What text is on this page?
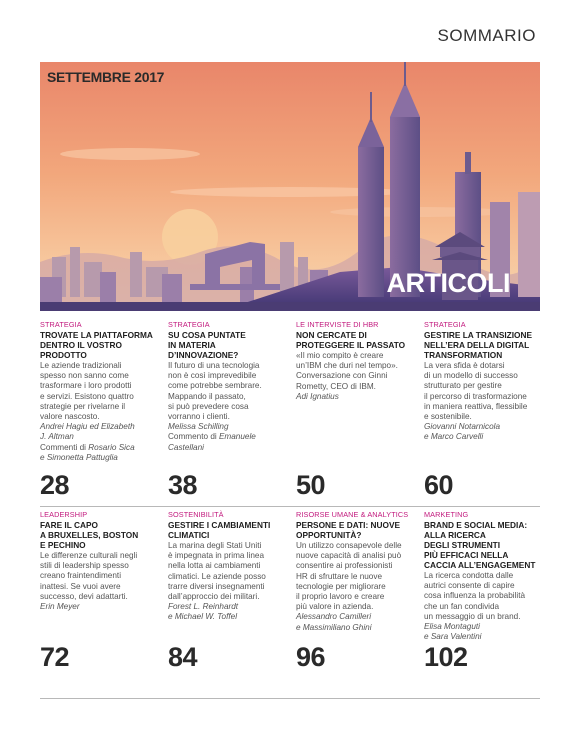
SOMMARIO
SETTEMBRE 2017
ARTICOLI
STRATEGIA
TROVATE LA PIATTAFORMA
DENTRO IL VOSTRO
PRODOTTO
Le aziende tradizionali
spesso non sanno come
trasformare i loro prodotti
e servizi. Esistono quattro
strategie per rivelarne il
valore nascosto.
Andrei Hagiu ed Elizabeth
J. Altman
Commenti di Rosario Sica
e Simonetta Pattuglia
28
STRATEGIA
SU COSA PUNTATE
IN MATERIA
D’INNOVAZIONE?
Il futuro di una tecnologia
non è così imprevedibile
come potrebbe sembrare.
Mappando il passato,
si può prevedere cosa
vorranno i clienti.
Melissa Schilling
Commento di Emanuele
Castellani
38
LE INTERVISTE DI HBR
NON CERCATE DI
PROTEGGERE IL PASSATO
«Il mio compito è creare
un’IBM che duri nel tempo».
Conversazione con Ginni
Rometty, CEO di IBM.
Adi Ignatius
50
STRATEGIA
GESTIRE LA TRANSIZIONE
NELL’ERA DELLA DIGITAL
TRANSFORMATION
La vera sfida è dotarsi
di un modello di successo
strutturato per gestire
il percorso di trasformazione
in maniera reattiva, flessibile
e sostenibile.
Giovanni Notarnicola
e Marco Carvelli
60
LEADERSHIP
FARE IL CAPO
A BRUXELLES, BOSTON
E PECHINO
Le differenze culturali negli
stili di leadership spesso
creano fraintendimenti
inattesi. Se vuoi avere
successo, devi adattarti.
Erin Meyer
72
SOSTENIBILITÀ
GESTIRE I CAMBIAMENTI
CLIMATICI
La marina degli Stati Uniti
è impegnata in prima linea
nella lotta ai cambiamenti
climatici. Le aziende posso
trarre diversi insegnamenti
dall’approccio dei militari.
Forest L. Reinhardt
e Michael W. Toffel
84
RISORSE UMANE & ANALYTICS
PERSONE E DATI: NUOVE
OPPORTUNITÀ?
Un utilizzo consapevole delle
nuove capacità di analisi può
consentire ai professionisti
HR di sfruttare le nuove
tecnologie per migliorare
il proprio lavoro e creare
più valore in azienda.
Alessandro Camilleri
e Massimiliano Ghini
96
MARKETING
BRAND E SOCIAL MEDIA:
ALLA RICERCA
DEGLI STRUMENTI
PIÙ EFFICACI NELLA
CACCIA ALL’ENGAGEMENT
La ricerca condotta dalle
autrici consente di capire
cosa influenza la probabilità
che un fan condivida
un messaggio di un brand.
Elisa Montaguti
e Sara Valentini
102
